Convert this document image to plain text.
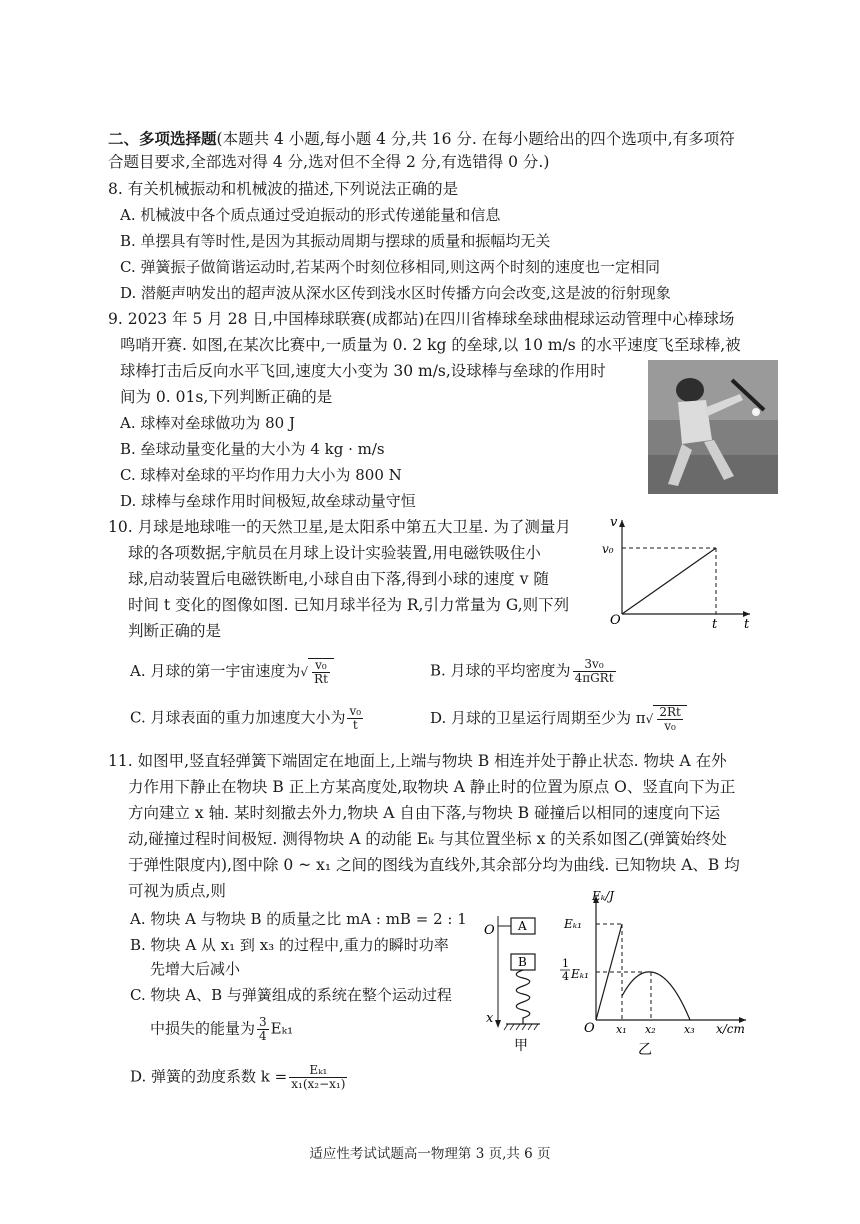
二、多项选择题(本题共 4 小题,每小题 4 分,共 16 分. 在每小题给出的四个选项中,有多项符
合题目要求,全部选对得 4 分,选对但不全得 2 分,有选错得 0 分.)
8. 有关机械振动和机械波的描述,下列说法正确的是
A. 机械波中各个质点通过受迫振动的形式传递能量和信息
B. 单摆具有等时性,是因为其振动周期与摆球的质量和振幅均无关
C. 弹簧振子做简谐运动时,若某两个时刻位移相同,则这两个时刻的速度也一定相同
D. 潜艇声呐发出的超声波从深水区传到浅水区时传播方向会改变,这是波的衍射现象
9. 2023 年 5 月 28 日,中国棒球联赛(成都站)在四川省棒球垒球曲棍球运动管理中心棒球场
鸣哨开赛. 如图,在某次比赛中,一质量为 0. 2 kg 的垒球,以 10 m/s 的水平速度飞至球棒,被
球棒打击后反向水平飞回,速度大小变为 30 m/s,设球棒与垒球的作用时
间为 0. 01s,下列判断正确的是
A. 球棒对垒球做功为 80 J
B. 垒球动量变化量的大小为 4 kg · m/s
C. 球棒对垒球的平均作用力大小为 800 N
D. 球棒与垒球作用时间极短,故垒球动量守恒
10. 月球是地球唯一的天然卫星,是太阳系中第五大卫星. 为了测量月
球的各项数据,宇航员在月球上设计实验装置,用电磁铁吸住小
球,启动装置后电磁铁断电,小球自由下落,得到小球的速度 v 随
时间 t 变化的图像如图. 已知月球半径为 R,引力常量为 G,则下列
判断正确的是
v
v₀
O	t t
A. 月球的第一宇宙速度为√ $\frac{\text{v₀}}{Rt}$	B. 月球的平均密度为 $\frac{\text{3v₀}}{\text{4πGRt}}$
C. 月球表面的重力加速度大小为 $\frac{\text{v₀}}{t}$	D. 月球的卫星运行周期至少为 $\pi√ \frac{2Rt}{\text{v₀}}$
11. 如图甲,竖直轻弹簧下端固定在地面上,上端与物块 B 相连并处于静止状态. 物块 A 在外
力作用下静止在物块 B 正上方某高度处,取物块 A 静止时的位置为原点 O、竖直向下为正
方向建立 x 轴. 某时刻撤去外力,物块 A 自由下落,与物块 B 碰撞后以相同的速度向下运
动,碰撞过程时间极短. 测得物块 A 的动能 Eₖ 与其位置坐标 x 的关系如图乙(弹簧始终处
于弹性限度内),图中除 0 ~ x₁ 之间的图线为直线外,其余部分均为曲线. 已知物块 A、B 均
可视为质点,则
A. 物块 A 与物块 B 的质量之比 mA : mB = 2 : 1
B. 物块 A 从 x₁ 到 x₃ 的过程中,重力的瞬时功率
先增大后减小
C. 物块 A、B 与弹簧组成的系统在整个运动过程
中损失的能量为 $\frac{3}{4} E_{k1}$
D. 弹簧的劲度系数 $k = \frac{\text{Eₖ₁}}{\text{x₁(x₂−x₁)}}$
A
B
O
x
甲
Eₖ/J
Eₖ₁
1
4 Eₖ₁
O x₁ x₂	x₃ x/cm
乙
适应性考试试题高一物理第 3 页,共 6 页
